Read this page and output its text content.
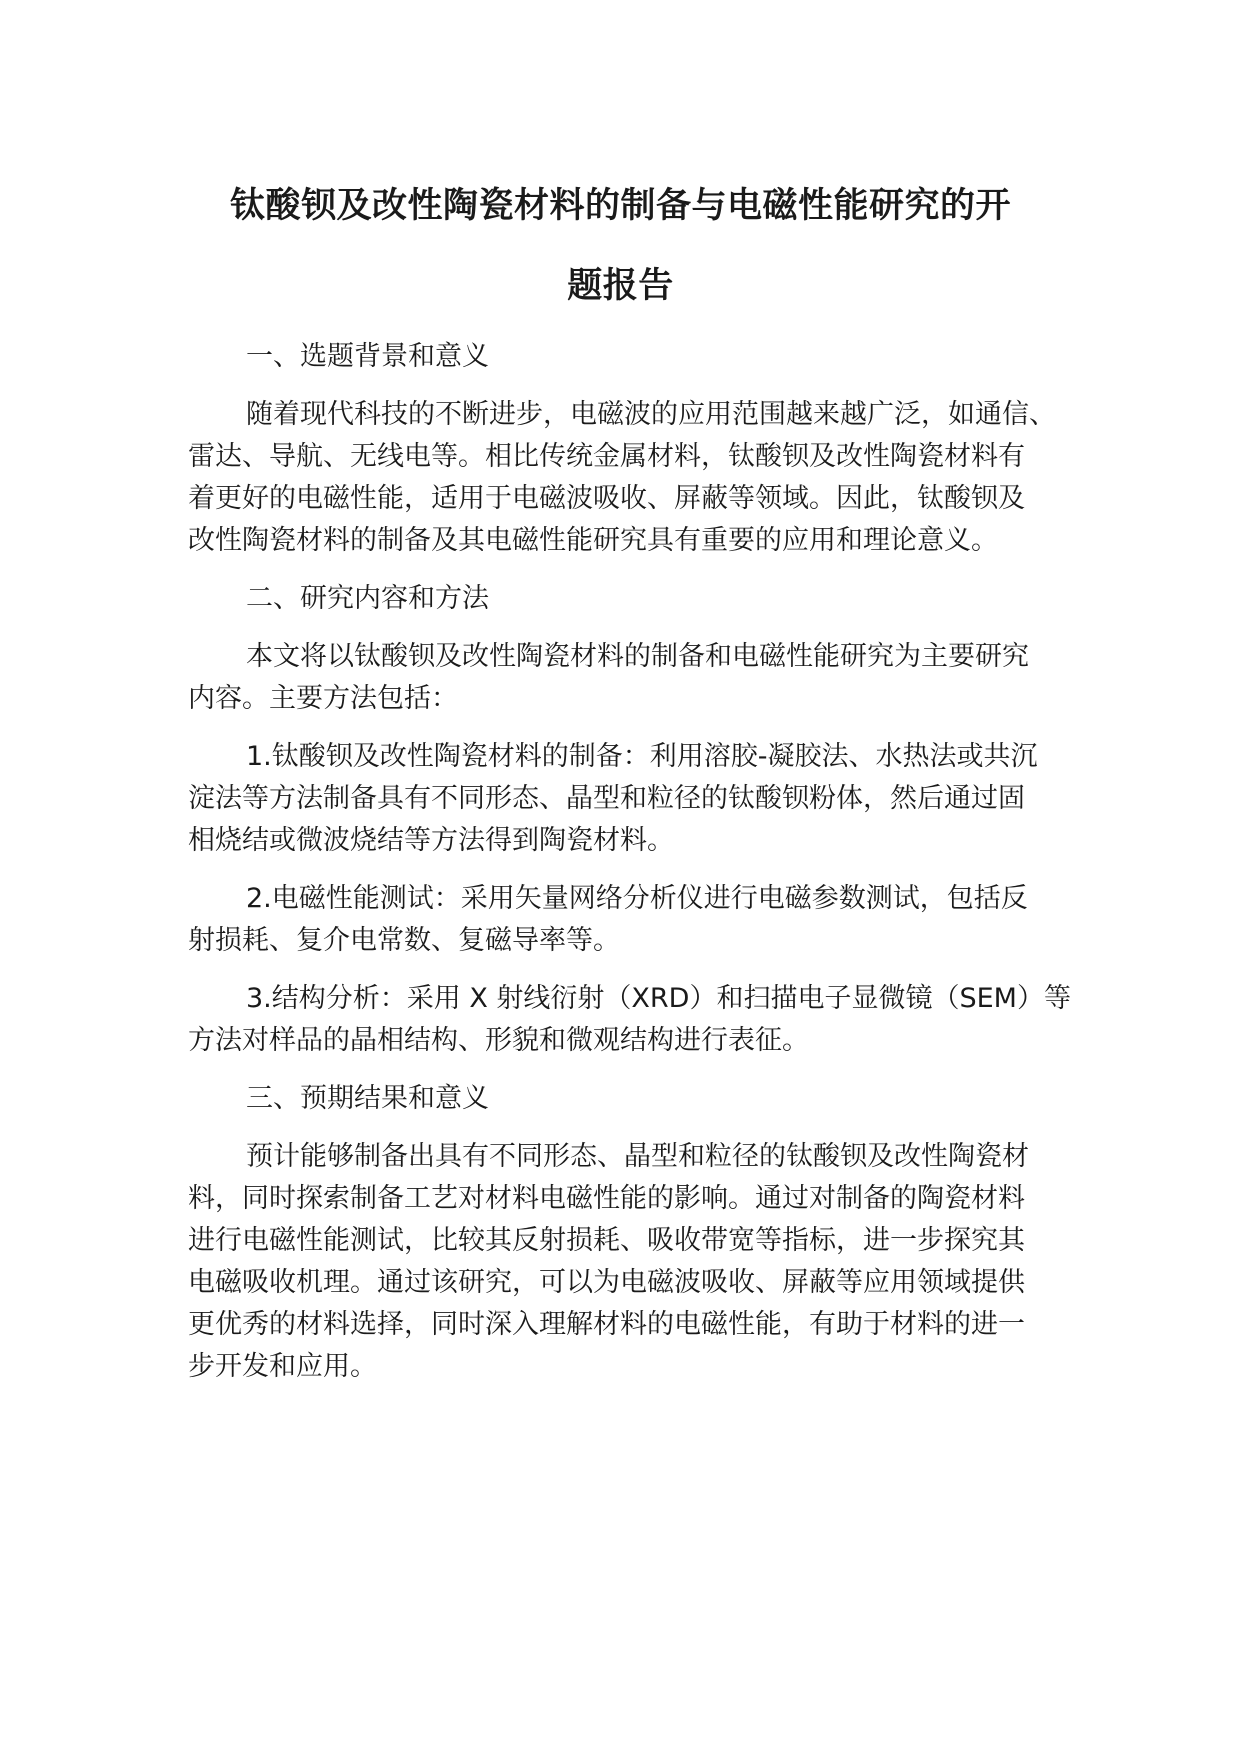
钛酸钡及改性陶瓷材料的制备与电磁性能研究的开
题报告
一、选题背景和意义
随着现代科技的不断进步，电磁波的应用范围越来越广泛，如通信、
雷达、导航、无线电等。相比传统金属材料，钛酸钡及改性陶瓷材料有
着更好的电磁性能，适用于电磁波吸收、屏蔽等领域。因此，钛酸钡及
改性陶瓷材料的制备及其电磁性能研究具有重要的应用和理论意义。
二、研究内容和方法
本文将以钛酸钡及改性陶瓷材料的制备和电磁性能研究为主要研究
内容。主要方法包括：
1.钛酸钡及改性陶瓷材料的制备：利用溶胶-凝胶法、水热法或共沉
淀法等方法制备具有不同形态、晶型和粒径的钛酸钡粉体，然后通过固
相烧结或微波烧结等方法得到陶瓷材料。
2.电磁性能测试：采用矢量网络分析仪进行电磁参数测试，包括反
射损耗、复介电常数、复磁导率等。
3.结构分析：采用 X 射线衍射（XRD）和扫描电子显微镜（SEM）等
方法对样品的晶相结构、形貌和微观结构进行表征。
三、预期结果和意义
预计能够制备出具有不同形态、晶型和粒径的钛酸钡及改性陶瓷材
料，同时探索制备工艺对材料电磁性能的影响。通过对制备的陶瓷材料
进行电磁性能测试，比较其反射损耗、吸收带宽等指标，进一步探究其
电磁吸收机理。通过该研究，可以为电磁波吸收、屏蔽等应用领域提供
更优秀的材料选择，同时深入理解材料的电磁性能，有助于材料的进一
步开发和应用。
